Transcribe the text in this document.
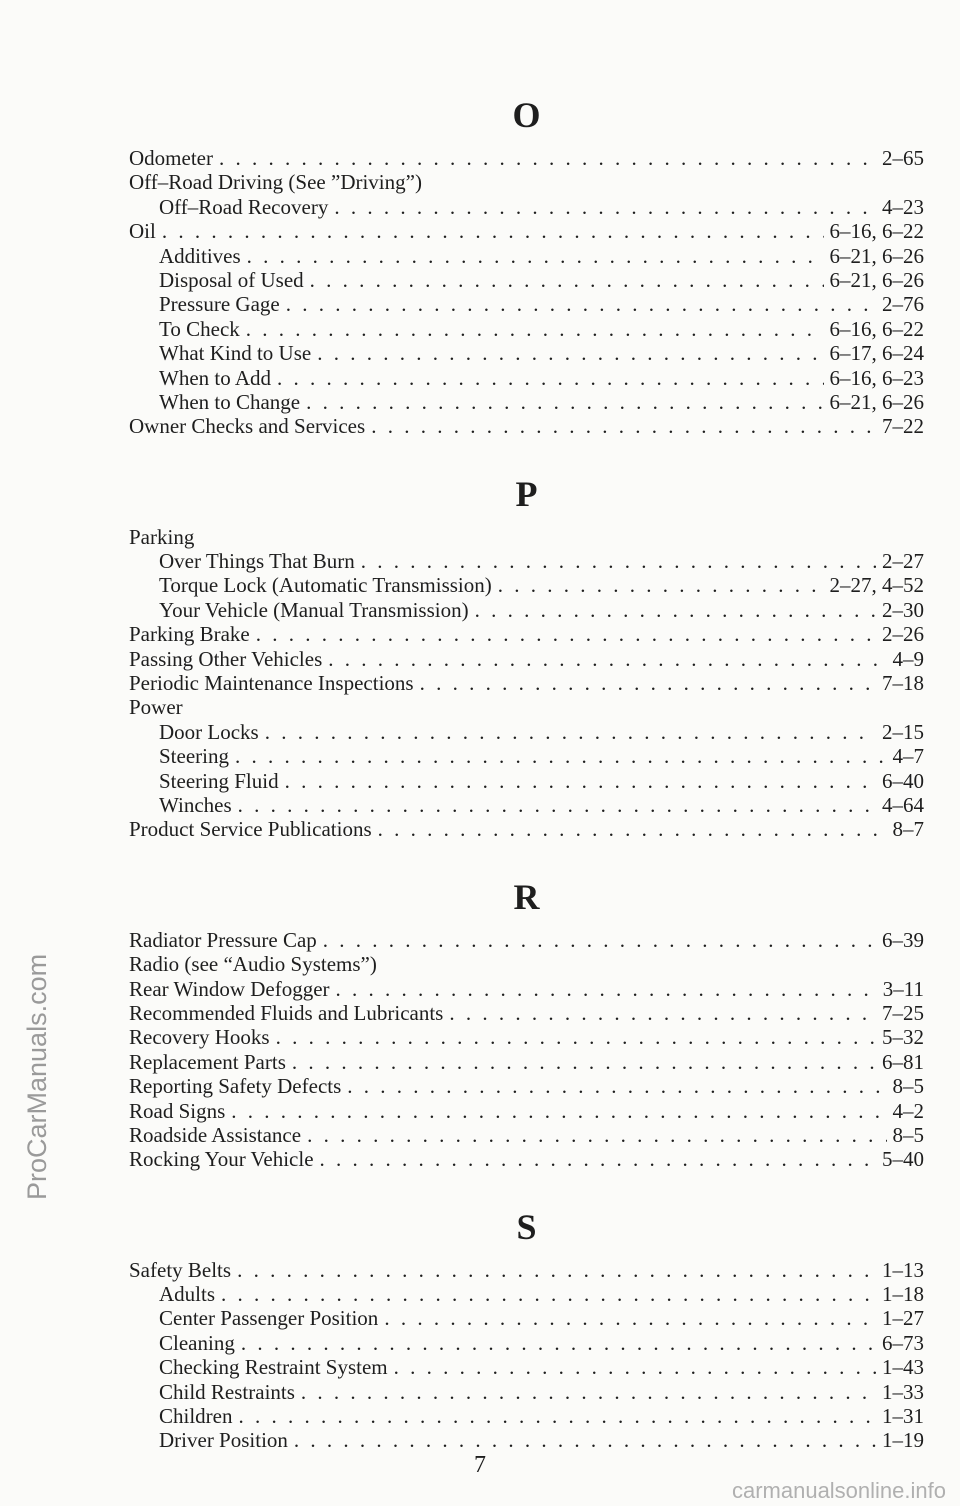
O
Odometer . . .	2–65
Off–Road Driving (See ”Driving”)
Off–Road Recovery . . .	4–23
Oil . . .	6–16, 6–22
Additives . . .	6–21, 6–26
Disposal of Used . . .	6–21, 6–26
Pressure Gage . . .	2–76
To Check . . .	6–16, 6–22
What Kind to Use . . .	6–17, 6–24
When to Add . . .	6–16, 6–23
When to Change . . .	6–21, 6–26
Owner Checks and Services . . .	7–22
P
Parking
Over Things That Burn . . .	2–27
Torque Lock (Automatic Transmission) . . .	2–27, 4–52
Your Vehicle (Manual Transmission) . . .	2–30
Parking Brake . . .	2–26
Passing Other Vehicles . . .	4–9
Periodic Maintenance Inspections . . .	7–18
Power
Door Locks . . .	2–15
Steering . . .	4–7
Steering Fluid . . .	6–40
Winches . . .	4–64
Product Service Publications . . .	8–7
R
Radiator Pressure Cap . . .	6–39
Radio (see “Audio Systems”)
Rear Window Defogger . . .	3–11
Recommended Fluids and Lubricants . . .	7–25
Recovery Hooks . . .	5–32
Replacement Parts . . .	6–81
Reporting Safety Defects . . .	8–5
Road Signs . . .	4–2
Roadside Assistance . . .	8–5
Rocking Your Vehicle . . .	5–40
S
Safety Belts . . .	1–13
Adults . . .	1–18
Center Passenger Position . . .	1–27
Cleaning . . .	6–73
Checking Restraint System . . .	1–43
Child Restraints . . .	1–33
Children . . .	1–31
Driver Position . . .	1–19
7
ProCarManuals.com
carmanualsonline.info
